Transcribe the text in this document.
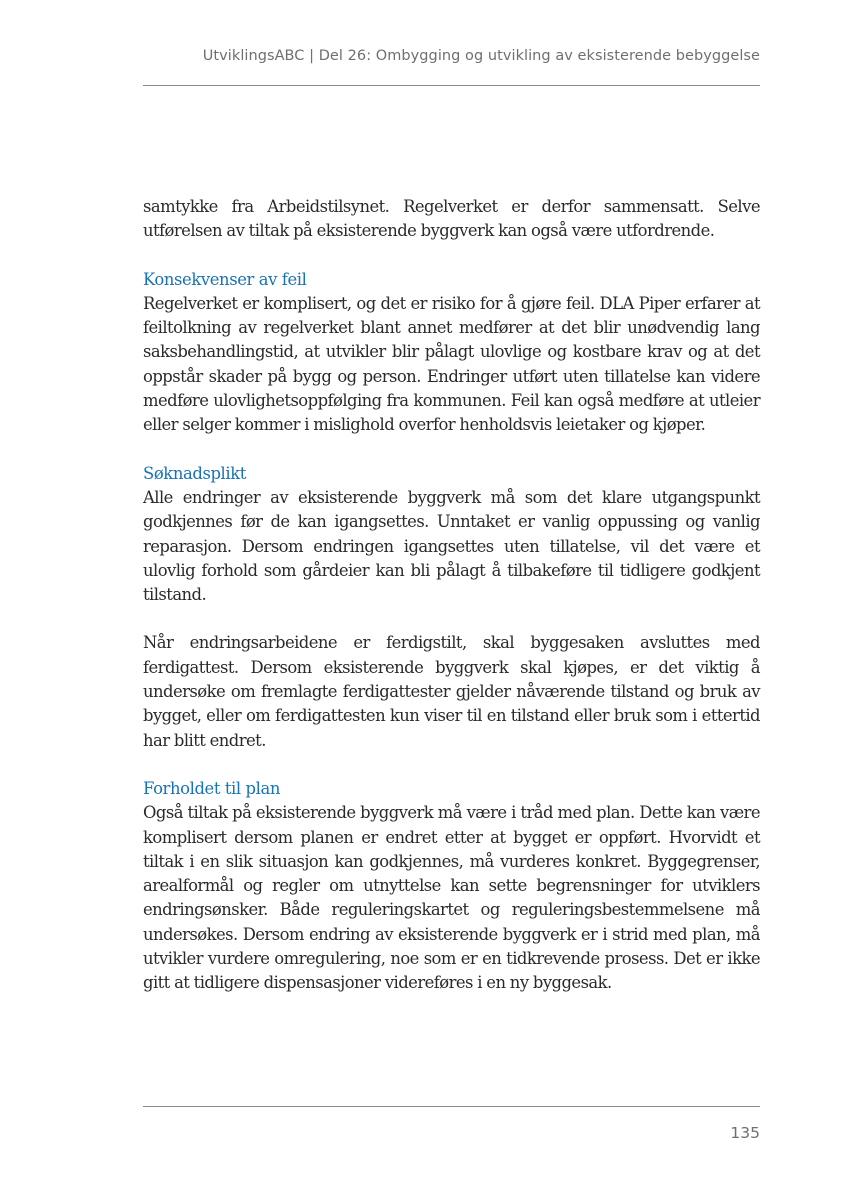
UtviklingsABC | Del 26: Ombygging og utvikling av eksisterende bebyggelse

samtykke fra Arbeidstilsynet. Regelverket er derfor sammensatt. Selve utførelsen av tiltak på eksisterende byggverk kan også være utfordrende.

Konsekvenser av feil

Regelverket er komplisert, og det er risiko for å gjøre feil. DLA Piper erfarer at feiltolkning av regelverket blant annet medfører at det blir unødvendig lang saksbehandlingstid, at utvikler blir pålagt ulovlige og kostbare krav og at det oppstår skader på bygg og person. Endringer utført uten tillatelse kan videre medføre ulovlighetsoppfølging fra kommunen. Feil kan også medføre at utleier eller selger kommer i mislighold overfor henholdsvis leietaker og kjøper.

Søknadsplikt

Alle endringer av eksisterende byggverk må som det klare utgangspunkt godkjennes før de kan igangsettes. Unntaket er vanlig oppussing og vanlig reparasjon. Dersom endringen igangsettes uten tillatelse, vil det være et ulovlig forhold som gårdeier kan bli pålagt å tilbakeføre til tidligere godkjent tilstand.

Når endringsarbeidene er ferdigstilt, skal byggesaken avsluttes med ferdigattest. Dersom eksisterende byggverk skal kjøpes, er det viktig å undersøke om fremlagte ferdigattester gjelder nåværende tilstand og bruk av bygget, eller om ferdigattesten kun viser til en tilstand eller bruk som i ettertid har blitt endret.

Forholdet til plan

Også tiltak på eksisterende byggverk må være i tråd med plan. Dette kan være komplisert dersom planen er endret etter at bygget er oppført. Hvorvidt et tiltak i en slik situasjon kan godkjennes, må vurderes konkret. Byggegrenser, arealformål og regler om utnyttelse kan sette begrensninger for utviklers endringsønsker. Både reguleringskartet og reguleringsbestemmelsene må undersøkes. Dersom endring av eksisterende byggverk er i strid med plan, må utvikler vurdere omregulering, noe som er en tidkrevende prosess. Det er ikke gitt at tidligere dispensasjoner videreføres i en ny byggesak.

135
